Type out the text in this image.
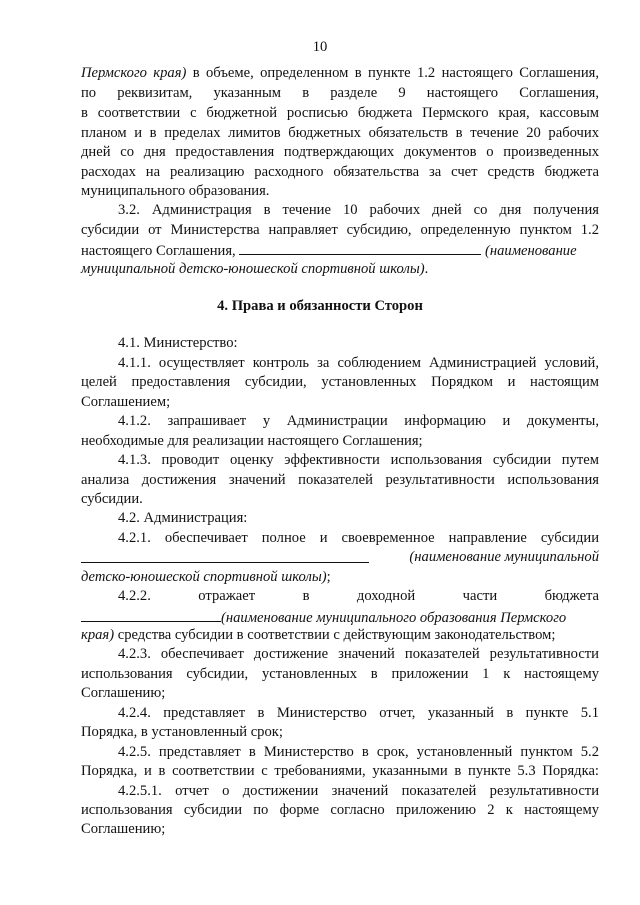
10
Пермского края) в объеме, определенном в пункте 1.2 настоящего Соглашения,
по реквизитам, указанным в разделе 9 настоящего Соглашения,
в соответствии с бюджетной росписью бюджета Пермского края, кассовым
планом и в пределах лимитов бюджетных обязательств в течение 20 рабочих
дней со дня предоставления подтверждающих документов о произведенных
расходах на реализацию расходного обязательства за счет средств бюджета
муниципального образования.
3.2. Администрация в течение 10 рабочих дней со дня получения
субсидии от Министерства направляет субсидию, определенную пунктом 1.2
настоящего Соглашения,	(наименование
муниципальной детско-юношеской спортивной школы).
4. Права и обязанности Сторон
4.1. Министерство:
4.1.1. осуществляет контроль за соблюдением Администрацией условий,
целей предоставления субсидии, установленных Порядком и настоящим
Соглашением;
4.1.2. запрашивает у Администрации информацию и документы,
необходимые для реализации настоящего Соглашения;
4.1.3. проводит оценку эффективности использования субсидии путем
анализа достижения значений показателей результативности использования
субсидии.
4.2. Администрация:
4.2.1. обеспечивает полное и своевременное направление субсидии
(наименование муниципальной
детско-юношеской спортивной школы);
4.2.2. отражает в доходной части бюджета
(наименование муниципального образования Пермского
края) средства субсидии в соответствии с действующим законодательством;
4.2.3. обеспечивает достижение значений показателей результативности
использования субсидии, установленных в приложении 1 к настоящему
Соглашению;
4.2.4. представляет в Министерство отчет, указанный в пункте 5.1
Порядка, в установленный срок;
4.2.5. представляет в Министерство в срок, установленный пунктом 5.2
Порядка, и в соответствии с требованиями, указанными в пункте 5.3 Порядка:
4.2.5.1. отчет о достижении значений показателей результативности
использования субсидии по форме согласно приложению 2 к настоящему
Соглашению;
